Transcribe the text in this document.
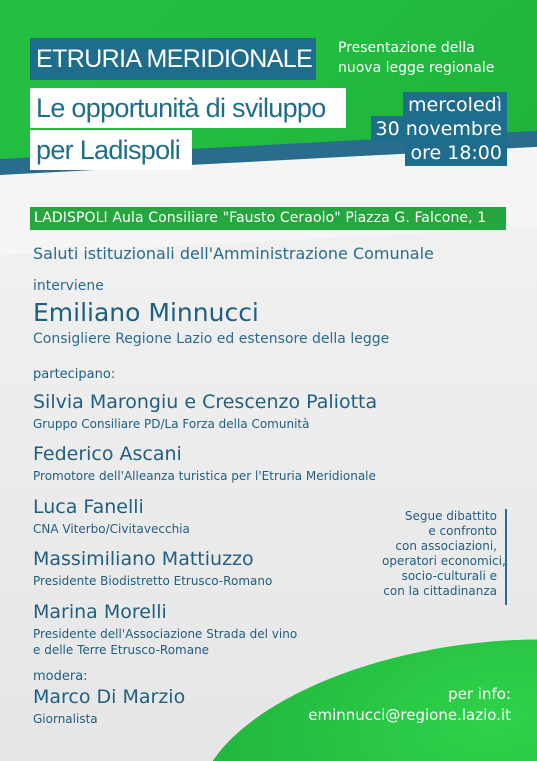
ETRURIA MERIDIONALE Presentazione della
nuova legge regionale
Le opportunità di sviluppo
per Ladispoli
mercoledì
30 novembre
ore 18:00
LADISPOLI Aula Consiliare "Fausto Ceraolo" Piazza G. Falcone, 1
Saluti istituzionali dell'Amministrazione Comunale
interviene
Emiliano Minnucci
Consigliere Regione Lazio ed estensore della legge
partecipano:
Silvia Marongiu e Crescenzo Paliotta
Gruppo Consiliare PD/La Forza della Comunità
Federico Ascani
Promotore dell'Alleanza turistica per l'Etruria Meridionale
Luca Fanelli
CNA Viterbo/Civitavecchia
Massimiliano Mattiuzzo
Presidente Biodistretto Etrusco-Romano
Marina Morelli
Presidente dell'Associazione Strada del vino
e delle Terre Etrusco-Romane
modera:
Marco Di Marzio
Giornalista
Segue dibattito
e confronto
con associazioni,
operatori economici,
socio-culturali e
con la cittadinanza
per info:
eminnucci@regione.lazio.it
